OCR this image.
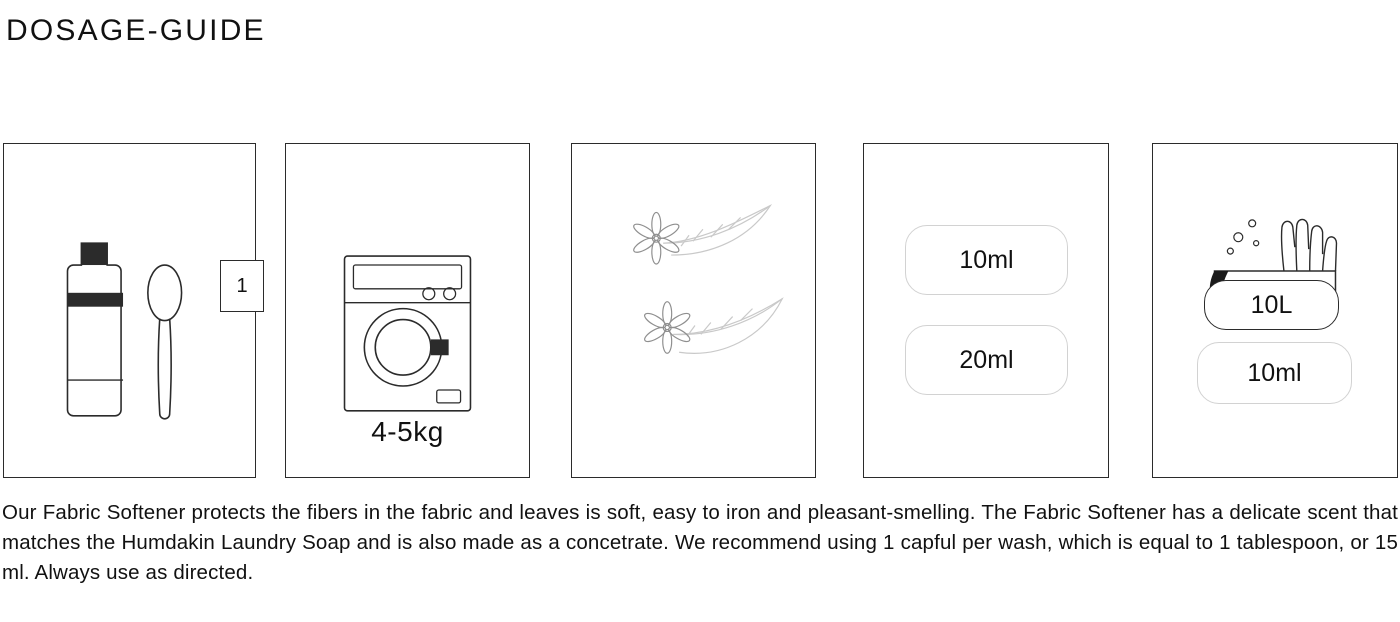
DOSAGE-GUIDE
1
4-5kg
10ml
20ml
10L
10ml

Our Fabric Softener protects the fibers in the fabric and leaves is soft, easy to iron and pleasant-smelling. The Fabric Softener has a delicate scent that matches the Humdakin Laundry Soap and is also made as a concetrate. We recommend using 1 capful per wash, which is equal to 1 tablespoon, or 15 ml. Always use as directed.
